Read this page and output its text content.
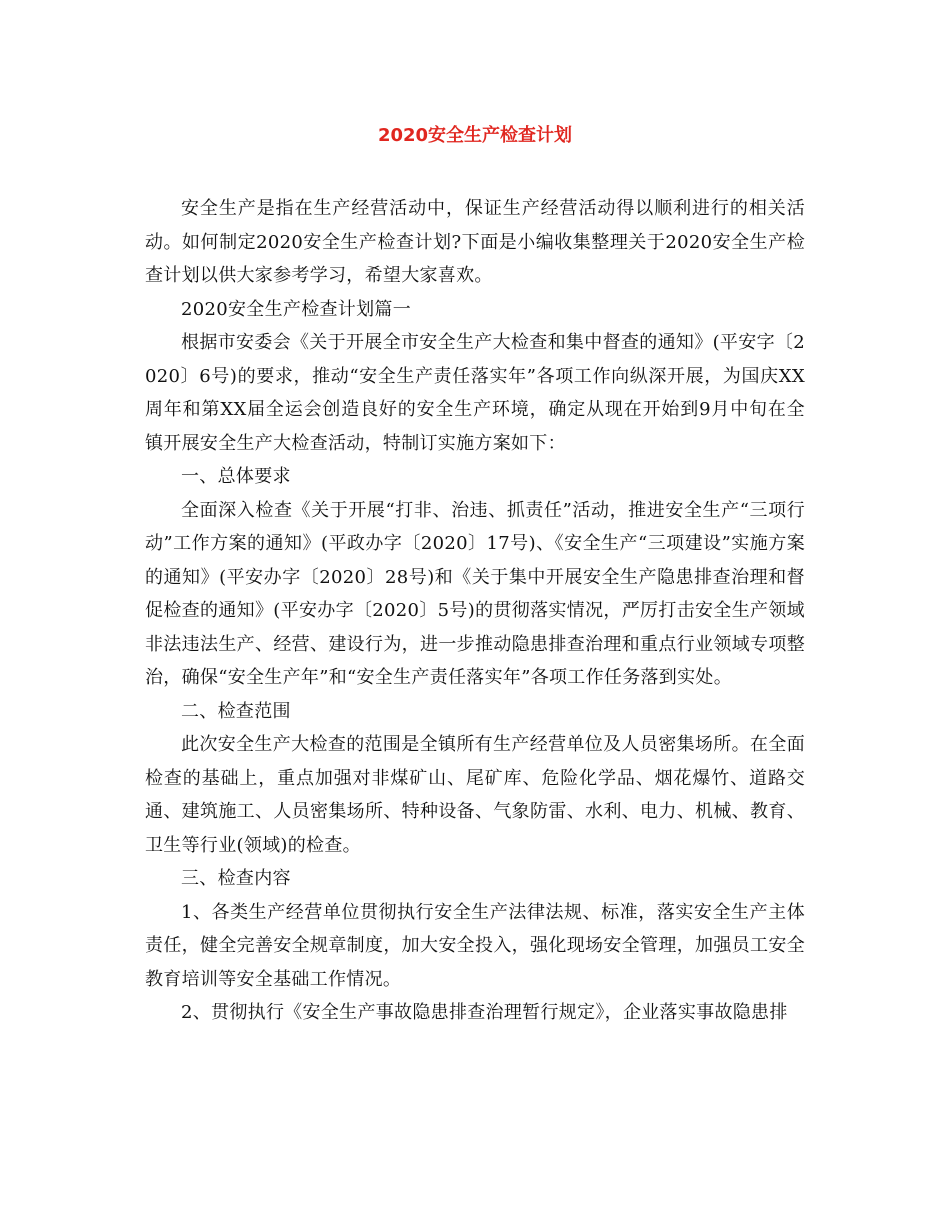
2020安全生产检查计划

安全生产是指在生产经营活动中，保证生产经营活动得以顺利进行的相关活动。如何制定2020安全生产检查计划?下面是小编收集整理关于2020安全生产检查计划以供大家参考学习，希望大家喜欢。

2020安全生产检查计划篇一

根据市安委会《关于开展全市安全生产大检查和集中督查的通知》(平安字〔2020〕6号)的要求，推动“安全生产责任落实年”各项工作向纵深开展，为国庆XX周年和第XX届全运会创造良好的安全生产环境，确定从现在开始到9月中旬在全镇开展安全生产大检查活动，特制订实施方案如下：

一、总体要求

全面深入检查《关于开展“打非、治违、抓责任”活动，推进安全生产“三项行动”工作方案的通知》(平政办字〔2020〕17号)、《安全生产“三项建设”实施方案的通知》(平安办字〔2020〕28号)和《关于集中开展安全生产隐患排查治理和督促检查的通知》(平安办字〔2020〕5号)的贯彻落实情况，严厉打击安全生产领域非法违法生产、经营、建设行为，进一步推动隐患排查治理和重点行业领域专项整治，确保“安全生产年”和“安全生产责任落实年”各项工作任务落到实处。

二、检查范围

此次安全生产大检查的范围是全镇所有生产经营单位及人员密集场所。在全面检查的基础上，重点加强对非煤矿山、尾矿库、危险化学品、烟花爆竹、道路交通、建筑施工、人员密集场所、特种设备、气象防雷、水利、电力、机械、教育、卫生等行业(领域)的检查。

三、检查内容

1、各类生产经营单位贯彻执行安全生产法律法规、标准，落实安全生产主体责任，健全完善安全规章制度，加大安全投入，强化现场安全管理，加强员工安全教育培训等安全基础工作情况。

2、贯彻执行《安全生产事故隐患排查治理暂行规定》，企业落实事故隐患排
